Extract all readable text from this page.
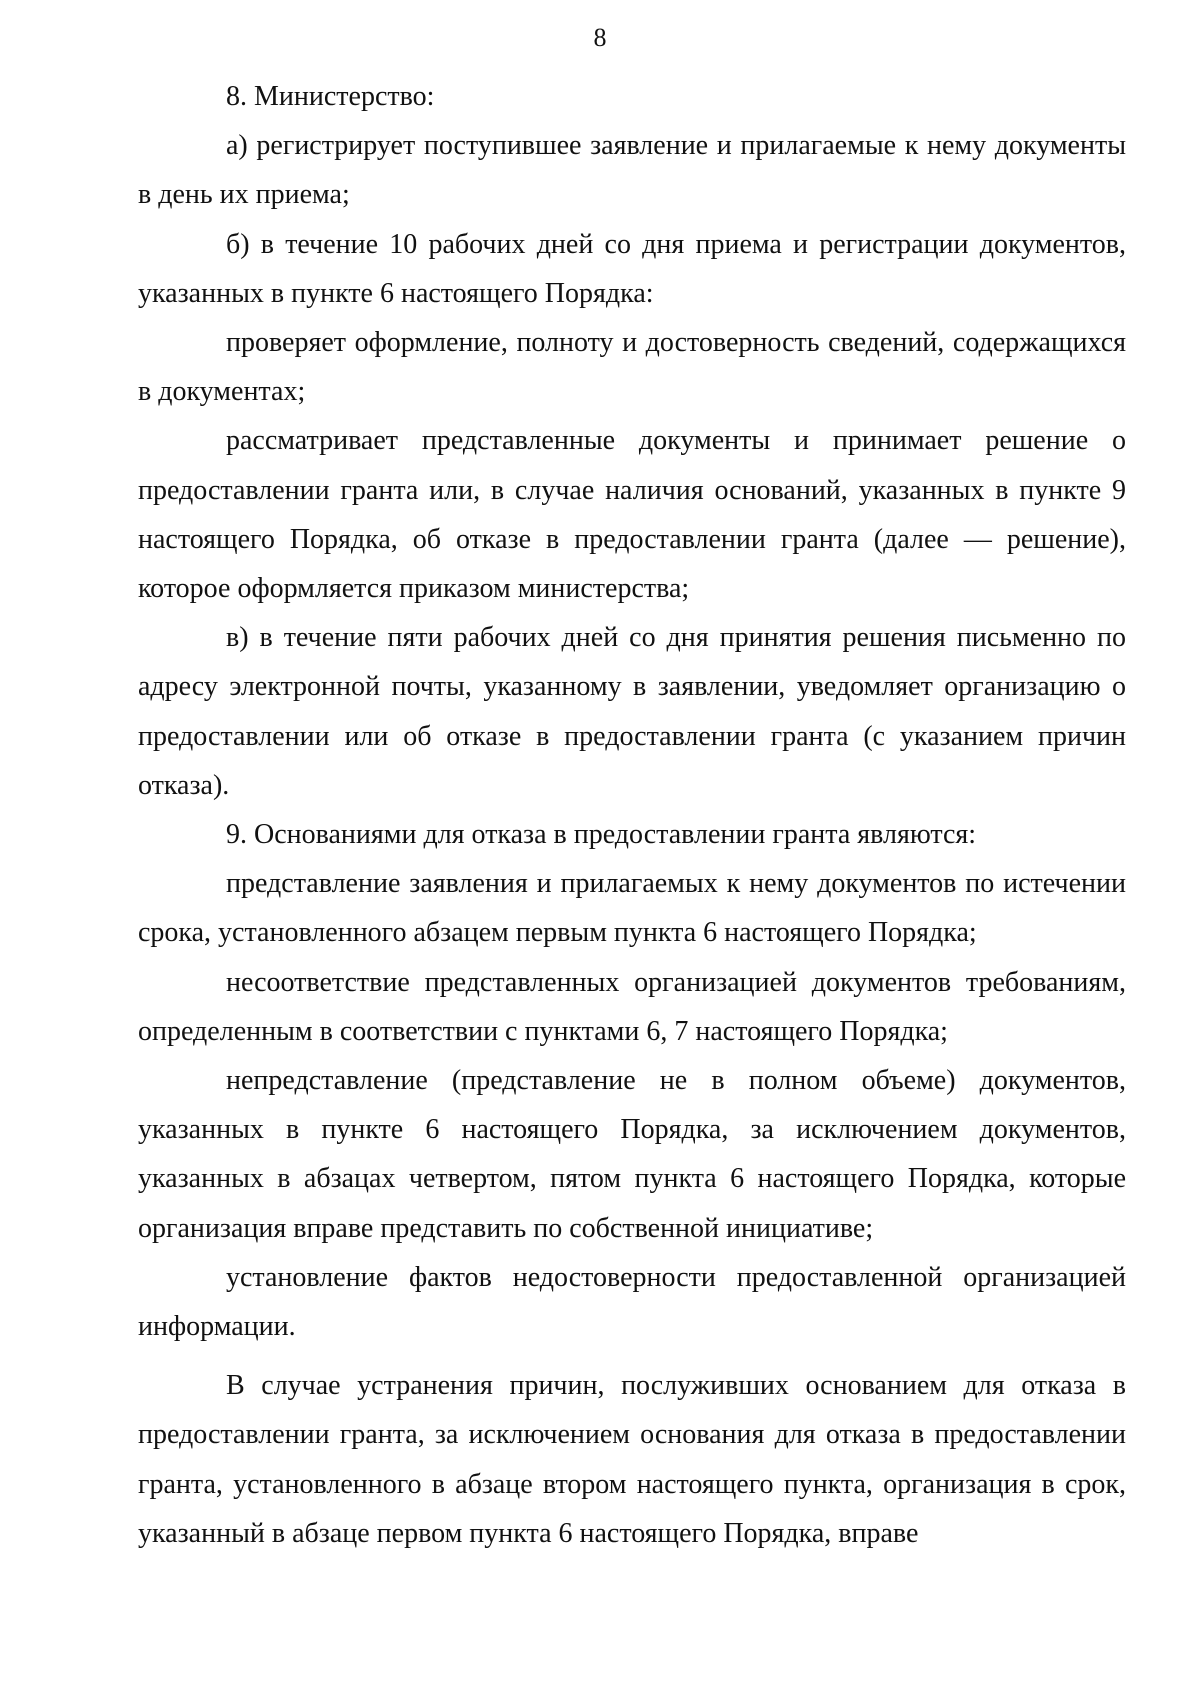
8

8. Министерство:

а) регистрирует поступившее заявление и прилагаемые к нему документы в день их приема;

б) в течение 10 рабочих дней со дня приема и регистрации документов, указанных в пункте 6 настоящего Порядка:

проверяет оформление, полноту и достоверность сведений, содержащихся в документах;

рассматривает представленные документы и принимает решение о предоставлении гранта или, в случае наличия оснований, указанных в пункте 9 настоящего Порядка, об отказе в предоставлении гранта (далее — решение), которое оформляется приказом министерства;

в) в течение пяти рабочих дней со дня принятия решения письменно по адресу электронной почты, указанному в заявлении, уведомляет организацию о предоставлении или об отказе в предоставлении гранта (с указанием причин отказа).

9. Основаниями для отказа в предоставлении гранта являются:

представление заявления и прилагаемых к нему документов по истечении срока, установленного абзацем первым пункта 6 настоящего Порядка;

несоответствие представленных организацией документов требованиям, определенным в соответствии с пунктами 6, 7 настоящего Порядка;

непредставление (представление не в полном объеме) документов, указанных в пункте 6 настоящего Порядка, за исключением документов, указанных в абзацах четвертом, пятом пункта 6 настоящего Порядка, которые организация вправе представить по собственной инициативе;

установление фактов недостоверности предоставленной организацией информации.

В случае устранения причин, послуживших основанием для отказа в предоставлении гранта, за исключением основания для отказа в предоставлении гранта, установленного в абзаце втором настоящего пункта, организация в срок, указанный в абзаце первом пункта 6 настоящего Порядка, вправе
